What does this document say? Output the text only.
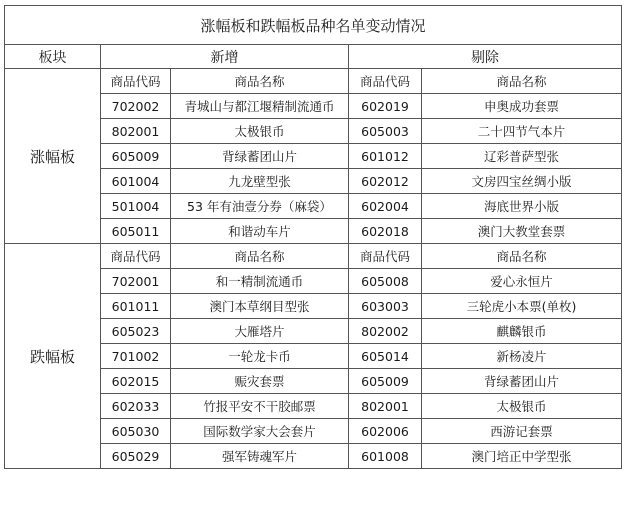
涨幅板和跌幅板品种名单变动情况				
板块	新增		剔除	
涨幅板	商品代码	商品名称	商品代码	商品名称
	702002	青城山与都江堰精制流通币	602019	申奥成功套票
	802001	太极银币	605003	二十四节气本片
	605009	背绿蓄团山片	601012	辽彩普萨型张
	601004	九龙壁型张	602012	文房四宝丝绸小版
	501004	53 年有油壹分券（麻袋）	602004	海底世界小版
	605011	和谐动车片	602018	澳门大教堂套票
跌幅板	商品代码	商品名称	商品代码	商品名称
	702001	和一精制流通币	605008	爱心永恒片
	601011	澳门本草纲目型张	603003	三轮虎小本票(单枚)
	605023	大雁塔片	802002	麒麟银币
	701002	一轮龙卡币	605014	新杨凌片
	602015	赈灾套票	605009	背绿蓄团山片
	602033	竹报平安不干胶邮票	802001	太极银币
	605030	国际数学家大会套片	602006	西游记套票
	605029	强军铸魂军片	601008	澳门培正中学型张
